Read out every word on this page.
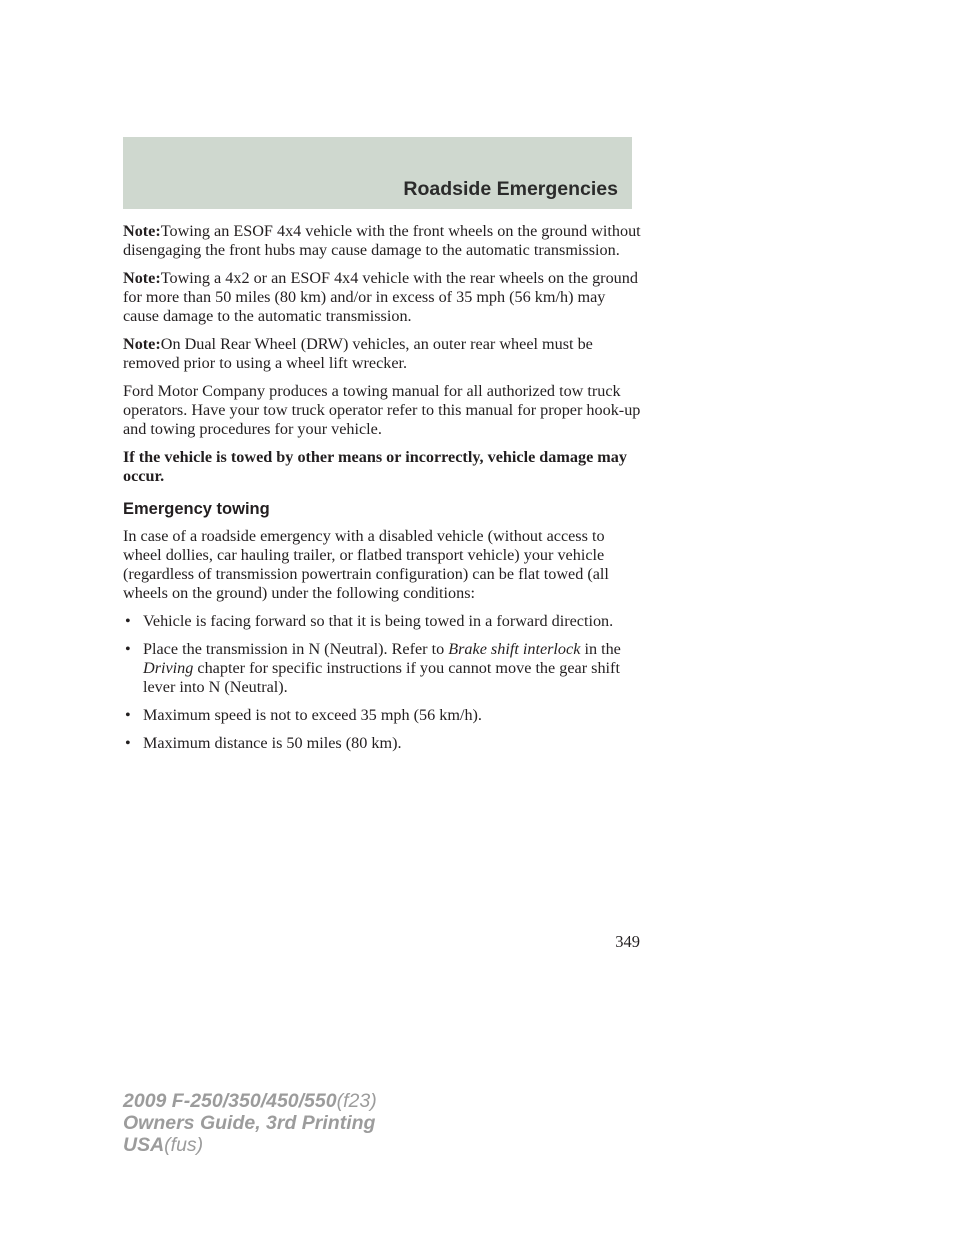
Roadside Emergencies

Note:Towing an ESOF 4x4 vehicle with the front wheels on the ground without disengaging the front hubs may cause damage to the automatic transmission.

Note:Towing a 4x2 or an ESOF 4x4 vehicle with the rear wheels on the ground for more than 50 miles (80 km) and/or in excess of 35 mph (56 km/h) may cause damage to the automatic transmission.

Note:On Dual Rear Wheel (DRW) vehicles, an outer rear wheel must be removed prior to using a wheel lift wrecker.

Ford Motor Company produces a towing manual for all authorized tow truck operators. Have your tow truck operator refer to this manual for proper hook-up and towing procedures for your vehicle.

If the vehicle is towed by other means or incorrectly, vehicle damage may occur.

Emergency towing

In case of a roadside emergency with a disabled vehicle (without access to wheel dollies, car hauling trailer, or flatbed transport vehicle) your vehicle (regardless of transmission powertrain configuration) can be flat towed (all wheels on the ground) under the following conditions:

• Vehicle is facing forward so that it is being towed in a forward direction.
• Place the transmission in N (Neutral). Refer to Brake shift interlock in the Driving chapter for specific instructions if you cannot move the gear shift lever into N (Neutral).
• Maximum speed is not to exceed 35 mph (56 km/h).
• Maximum distance is 50 miles (80 km).
349
2009 F-250/350/450/550(f23)
Owners Guide, 3rd Printing
USA(fus)
